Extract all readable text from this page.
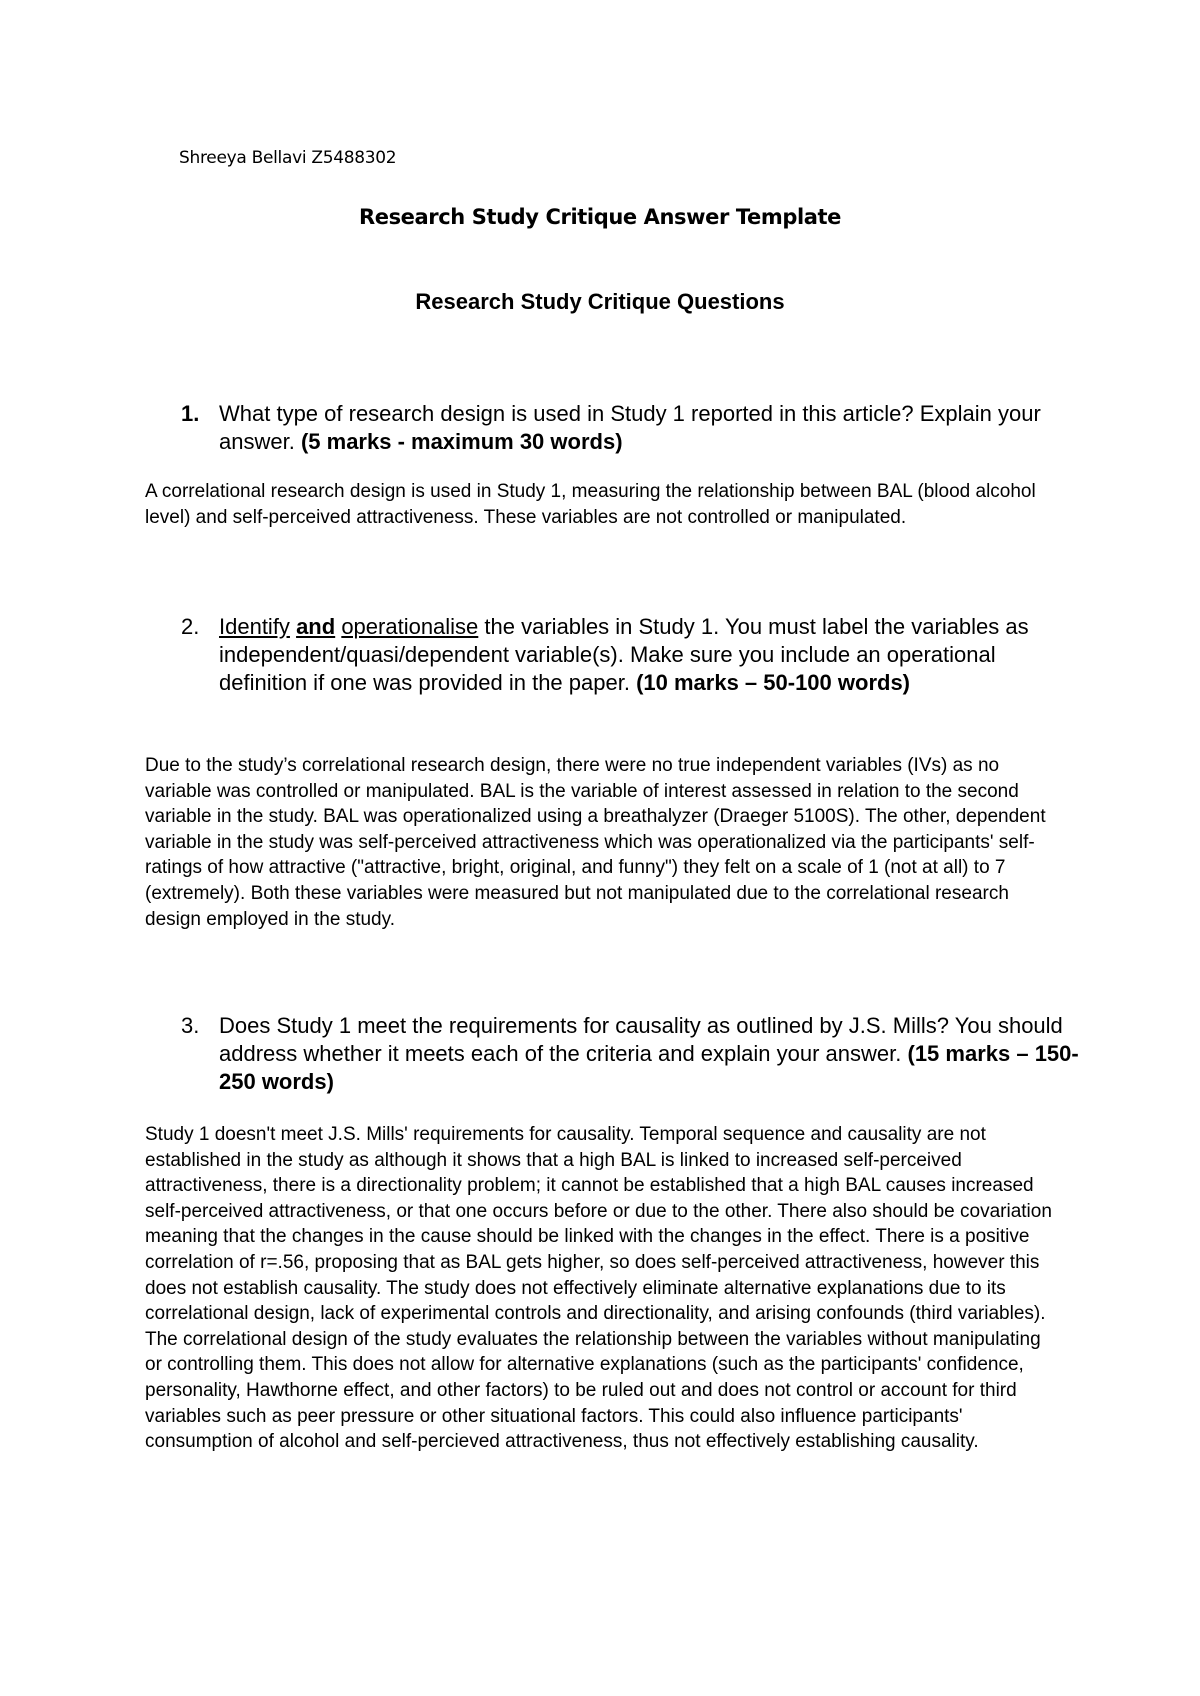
Shreeya Bellavi Z5488302
Research Study Critique Answer Template
Research Study Critique Questions
1. What type of research design is used in Study 1 reported in this article? Explain your answer. (5 marks - maximum 30 words)

A correlational research design is used in Study 1, measuring the relationship between BAL (blood alcohol level) and self-perceived attractiveness. These variables are not controlled or manipulated.

2. Identify and operationalise the variables in Study 1. You must label the variables as independent/quasi/dependent variable(s). Make sure you include an operational definition if one was provided in the paper. (10 marks – 50-100 words)

Due to the study’s correlational research design, there were no true independent variables (IVs) as no variable was controlled or manipulated. BAL is the variable of interest assessed in relation to the second variable in the study. BAL was operationalized using a breathalyzer (Draeger 5100S). The other, dependent variable in the study was self-perceived attractiveness which was operationalized via the participants' self-ratings of how attractive ("attractive, bright, original, and funny") they felt on a scale of 1 (not at all) to 7 (extremely). Both these variables were measured but not manipulated due to the correlational research design employed in the study.

3. Does Study 1 meet the requirements for causality as outlined by J.S. Mills? You should address whether it meets each of the criteria and explain your answer. (15 marks – 150-250 words)

Study 1 doesn't meet J.S. Mills' requirements for causality. Temporal sequence and causality are not established in the study as although it shows that a high BAL is linked to increased self-perceived attractiveness, there is a directionality problem; it cannot be established that a high BAL causes increased self-perceived attractiveness, or that one occurs before or due to the other. There also should be covariation meaning that the changes in the cause should be linked with the changes in the effect. There is a positive correlation of r=.56, proposing that as BAL gets higher, so does self-perceived attractiveness, however this does not establish causality. The study does not effectively eliminate alternative explanations due to its correlational design, lack of experimental controls and directionality, and arising confounds (third variables). The correlational design of the study evaluates the relationship between the variables without manipulating or controlling them. This does not allow for alternative explanations (such as the participants' confidence, personality, Hawthorne effect, and other factors) to be ruled out and does not control or account for third variables such as peer pressure or other situational factors. This could also influence participants' consumption of alcohol and self-percieved attractiveness, thus not effectively establishing causality.
